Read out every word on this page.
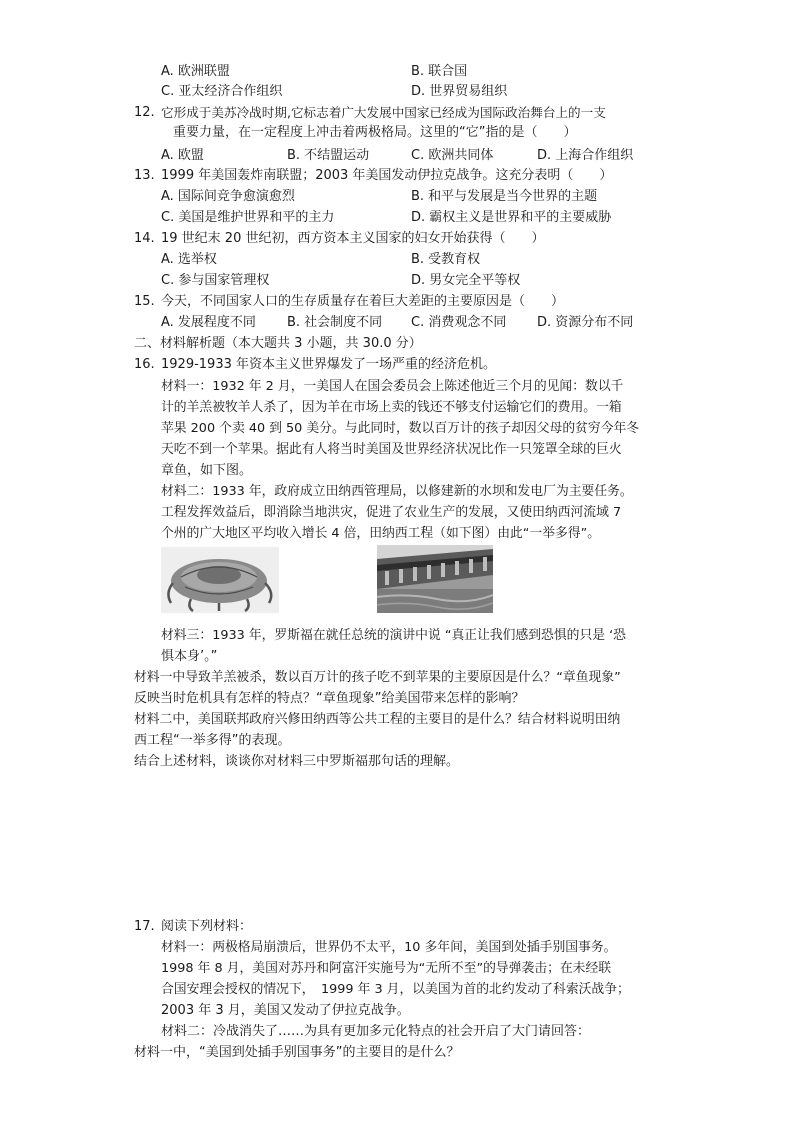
A. 欧洲联盟	B. 联合国
C. 亚太经济合作组织	D. 世界贸易组织
12. 它形成于美苏冷战时期,它标志着广大发展中国家已经成为国际政治舞台上的一支
重要力量，在一定程度上冲击着两极格局。这里的“它”指的是（　　）
A. 欧盟	B. 不结盟运动	C. 欧洲共同体	D. 上海合作组织
13. 1999 年美国轰炸南联盟；2003 年美国发动伊拉克战争。这充分表明（　　）
A. 国际间竞争愈演愈烈	B. 和平与发展是当今世界的主题
C. 美国是维护世界和平的主力	D. 霸权主义是世界和平的主要威胁
14. 19 世纪末 20 世纪初，西方资本主义国家的妇女开始获得（　　）
A. 选举权	B. 受教育权
C. 参与国家管理权	D. 男女完全平等权
15. 今天，不同国家人口的生存质量存在着巨大差距的主要原因是（　　）
A. 发展程度不同 B. 社会制度不同 C. 消费观念不同 D. 资源分布不同
二、材料解析题（本大题共 3 小题，共 30.0 分）
16. 1929-1933 年资本主义世界爆发了一场严重的经济危机。
材料一：1932 年 2 月，一美国人在国会委员会上陈述他近三个月的见闻：数以千
计的羊羔被牧羊人杀了，因为羊在市场上卖的钱还不够支付运输它们的费用。一箱
苹果 200 个卖 40 到 50 美分。与此同时，数以百万计的孩子却因父母的贫穷今年冬
天吃不到一个苹果。据此有人将当时美国及世界经济状况比作一只笼罩全球的巨火
章鱼，如下图。
材料二：1933 年，政府成立田纳西管理局，以修建新的水坝和发电厂为主要任务。
工程发挥效益后，即消除当地洪灾，促进了农业生产的发展，又使田纳西河流域 7
个州的广大地区平均收入增长 4 倍，田纳西工程（如下图）由此“一举多得”。
材料三：1933 年，罗斯福在就任总统的演讲中说 “真正让我们感到恐惧的只是 ‘恐
惧本身’。”
材料一中导致羊羔被杀，数以百万计的孩子吃不到苹果的主要原因是什么？“章鱼现象”
反映当时危机具有怎样的特点？“章鱼现象”给美国带来怎样的影响？
材料二中，美国联邦政府兴修田纳西等公共工程的主要目的是什么？结合材料说明田纳
西工程“一举多得”的表现。
结合上述材料，谈谈你对材料三中罗斯福那句话的理解。
17. 阅读下列材料：
材料一：两极格局崩溃后，世界仍不太平，10 多年间，美国到处插手别国事务。
1998 年 8 月，美国对苏丹和阿富汗实施号为“无所不至”的导弹袭击；在未经联
合国安理会授权的情况下，　1999 年 3 月，以美国为首的北约发动了科索沃战争；
2003 年 3 月，美国又发动了伊拉克战争。
材料二：冷战消失了……为具有更加多元化特点的社会开启了大门请回答：
材料一中，“美国到处插手别国事务”的主要目的是什么？
